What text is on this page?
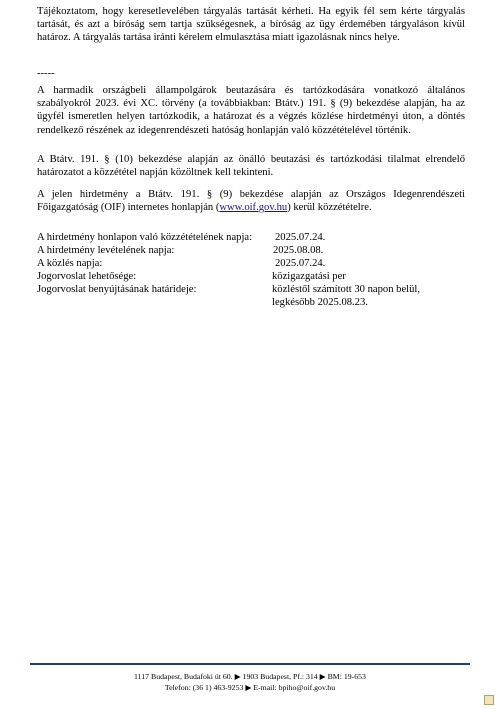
Tájékoztatom, hogy keresetlevelében tárgyalás tartását kérheti. Ha egyik fél sem kérte tárgyalás tartását, és azt a bíróság sem tartja szükségesnek, a bíróság az ügy érdemében tárgyaláson kívül határoz. A tárgyalás tartása iránti kérelem elmulasztása miatt igazolásnak nincs helye.

-----

A harmadik országbeli állampolgárok beutazására és tartózkodására vonatkozó általános szabályokról 2023. évi XC. törvény (a továbbiakban: Btátv.) 191. § (9) bekezdése alapján, ha az ügyfél ismeretlen helyen tartózkodik, a határozat és a végzés közlése hirdetményi úton, a döntés rendelkező részének az idegenrendészeti hatóság honlapján való közzétételével történik.

A Btátv. 191. § (10) bekezdése alapján az önálló beutazási és tartózkodási tilalmat elrendelő határozatot a közzététel napján közöltnek kell tekinteni.

A jelen hirdetmény a Btátv. 191. § (9) bekezdése alapján az Országos Idegenrendészeti Főigazgatóság (OIF) internetes honlapján (www.oif.gov.hu) kerül közzétételre.

A hirdetmény honlapon való közzétételének napja: 2025.07.24.
A hirdetmény levételének napja:	2025.08.08.
A közlés napja:	2025.07.24.
Jogorvoslat lehetősége:	közigazgatási per
Jogorvoslat benyújtásának határideje:	közléstől számított 30 napon belül,
legkésőbb 2025.08.23.
1117 Budapest, Budafoki út 60. ▶ 1903 Budapest, Pf.: 314 ▶ BM: 19-653
Telefon: (36 1) 463-9253 ▶ E-mail: bpiho@oif.gov.hu
